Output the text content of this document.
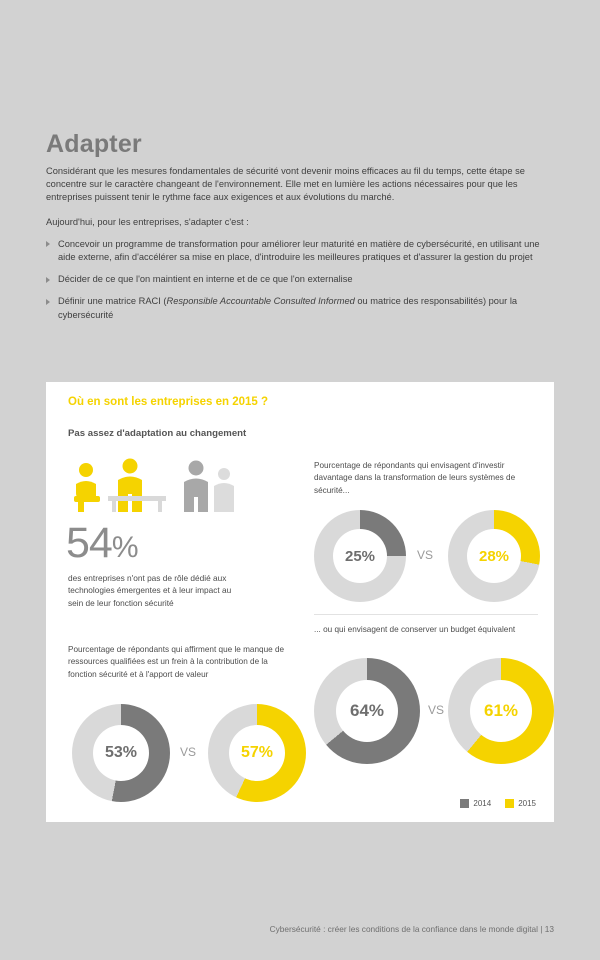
Adapter

Considérant que les mesures fondamentales de sécurité vont devenir moins efficaces au fil du temps, cette étape se concentre sur le caractère changeant de l'environnement. Elle met en lumière les actions nécessaires pour que les entreprises puissent tenir le rythme face aux exigences et aux évolutions du marché.

Aujourd'hui, pour les entreprises, s'adapter c'est :

Concevoir un programme de transformation pour améliorer leur maturité en matière de cybersécurité, en utilisant une aide externe, afin d'accélérer sa mise en place, d'introduire les meilleures pratiques et d'assurer la gestion du projet
Décider de ce que l'on maintient en interne et de ce que l'on externalise
Définir une matrice RACI (Responsible Accountable Consulted Informed ou matrice des responsabilités) pour la cybersécurité
Où en sont les entreprises en 2015 ?
Pas assez d'adaptation au changement
54%
des entreprises n'ont pas de rôle dédié aux technologies émergentes et à leur impact au sein de leur fonction sécurité
Pourcentage de répondants qui envisagent d'investir davantage dans la transformation de leurs systèmes de sécurité...
... ou qui envisagent de conserver un budget équivalent
Pourcentage de répondants qui affirment que le manque de ressources qualifiées est un frein à la contribution de la fonction sécurité et à l'apport de valeur
25%	VS	28%
64%	VS 61%
53%	VS	57%
2014	2015
Cybersécurité : créer les conditions de la confiance dans le monde digital | 13
